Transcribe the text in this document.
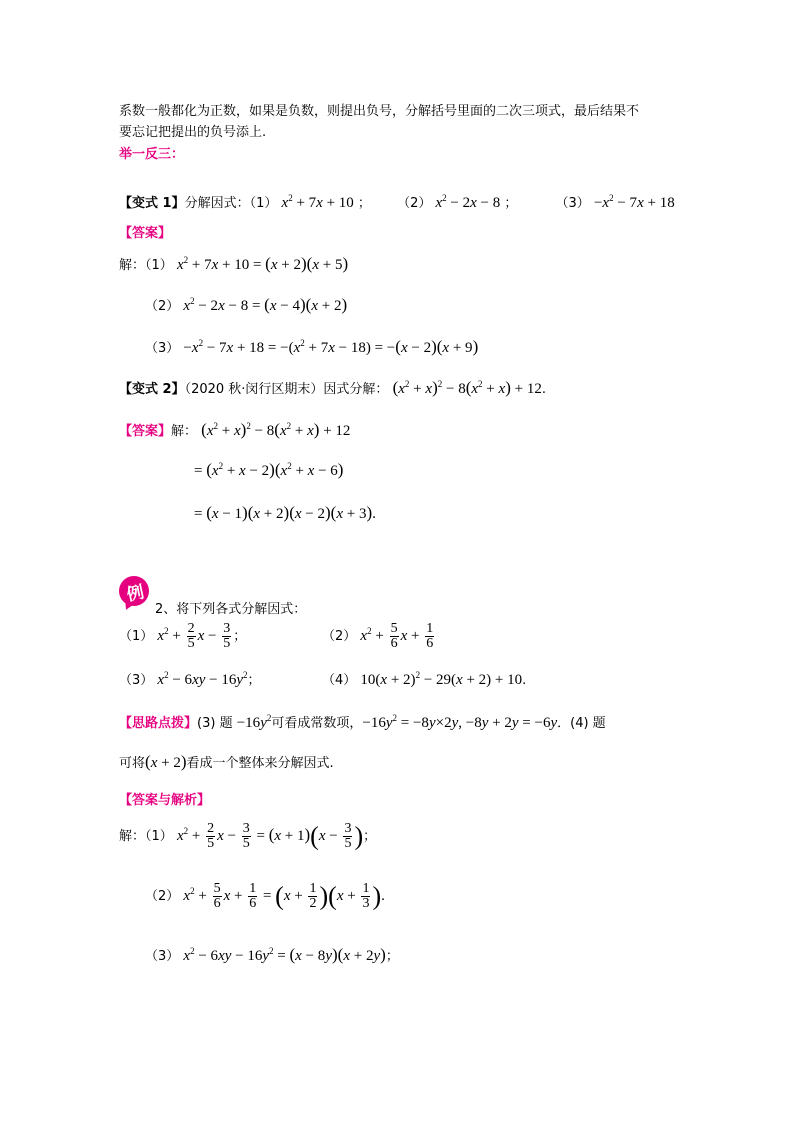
系数一般都化为正数，如果是负数，则提出负号，分解括号里面的二次三项式，最后结果不
要忘记把提出的负号添上.
举一反三：
【变式 1】分解因式：（1） $x^2 + 7x + 10$ ； （2） $x^2 - 2x - 8$ ；	$(3) -x^2 - 7x + 18$
【答案】
解：（1） $x^2 + 7x + 10 = (x + 2)(x + 5)$
（2） $x^2 - 2x - 8 = (x - 4)(x + 2)$
$(3) -x^2 - 7x + 18 = -(x^2 + 7x - 18) = -(x - 2)(x + 9)$
【变式 2】（2020 秋·闵行区期末）因式分解： $(x^2 + x)^2 - 8(x^2 + x) + 12$.
【答案】解： $(x^2 + x)^2 - 8(x^2 + x) + 12$
= $(x^2 + x - 2)(x^2 + x - 6)$
= (x − 1)(x + 2)(x − 2)(x + 3).
例
2、将下列各式分解因式：
（1） $x^2 + \frac{2}{5}$ $x - \frac{3}{5}$ ；	（2） $x^2 + \frac{5}{6}$ $x + \frac{1}{6}$
（3） $x^2 - 6xy - 16y^2$；	（4） $10(x + 2)^2 - 29(x + 2) + 10$.
【思路点拨】(3) 题 $-16y^2$可看成常数项，$-16y^2 = -8y\times 2y$, −8y + 2y = −6y．(4) 题
可将(x + 2)看成一个整体来分解因式.
【答案与解析】
解：（1） $x^2 + \frac{2}{5}$ $x - \frac{3}{5} = (x + 1)(x - \frac{3}{5}$ )；
（2） $x^2 + \frac{5}{6}$ $x + \frac{1}{6} = (x + \frac{1}{2} )(x + \frac{1}{3}$ ).
（3） $x^2 - 6xy - 16y^2 = (x - 8y)(x + 2y)$；
